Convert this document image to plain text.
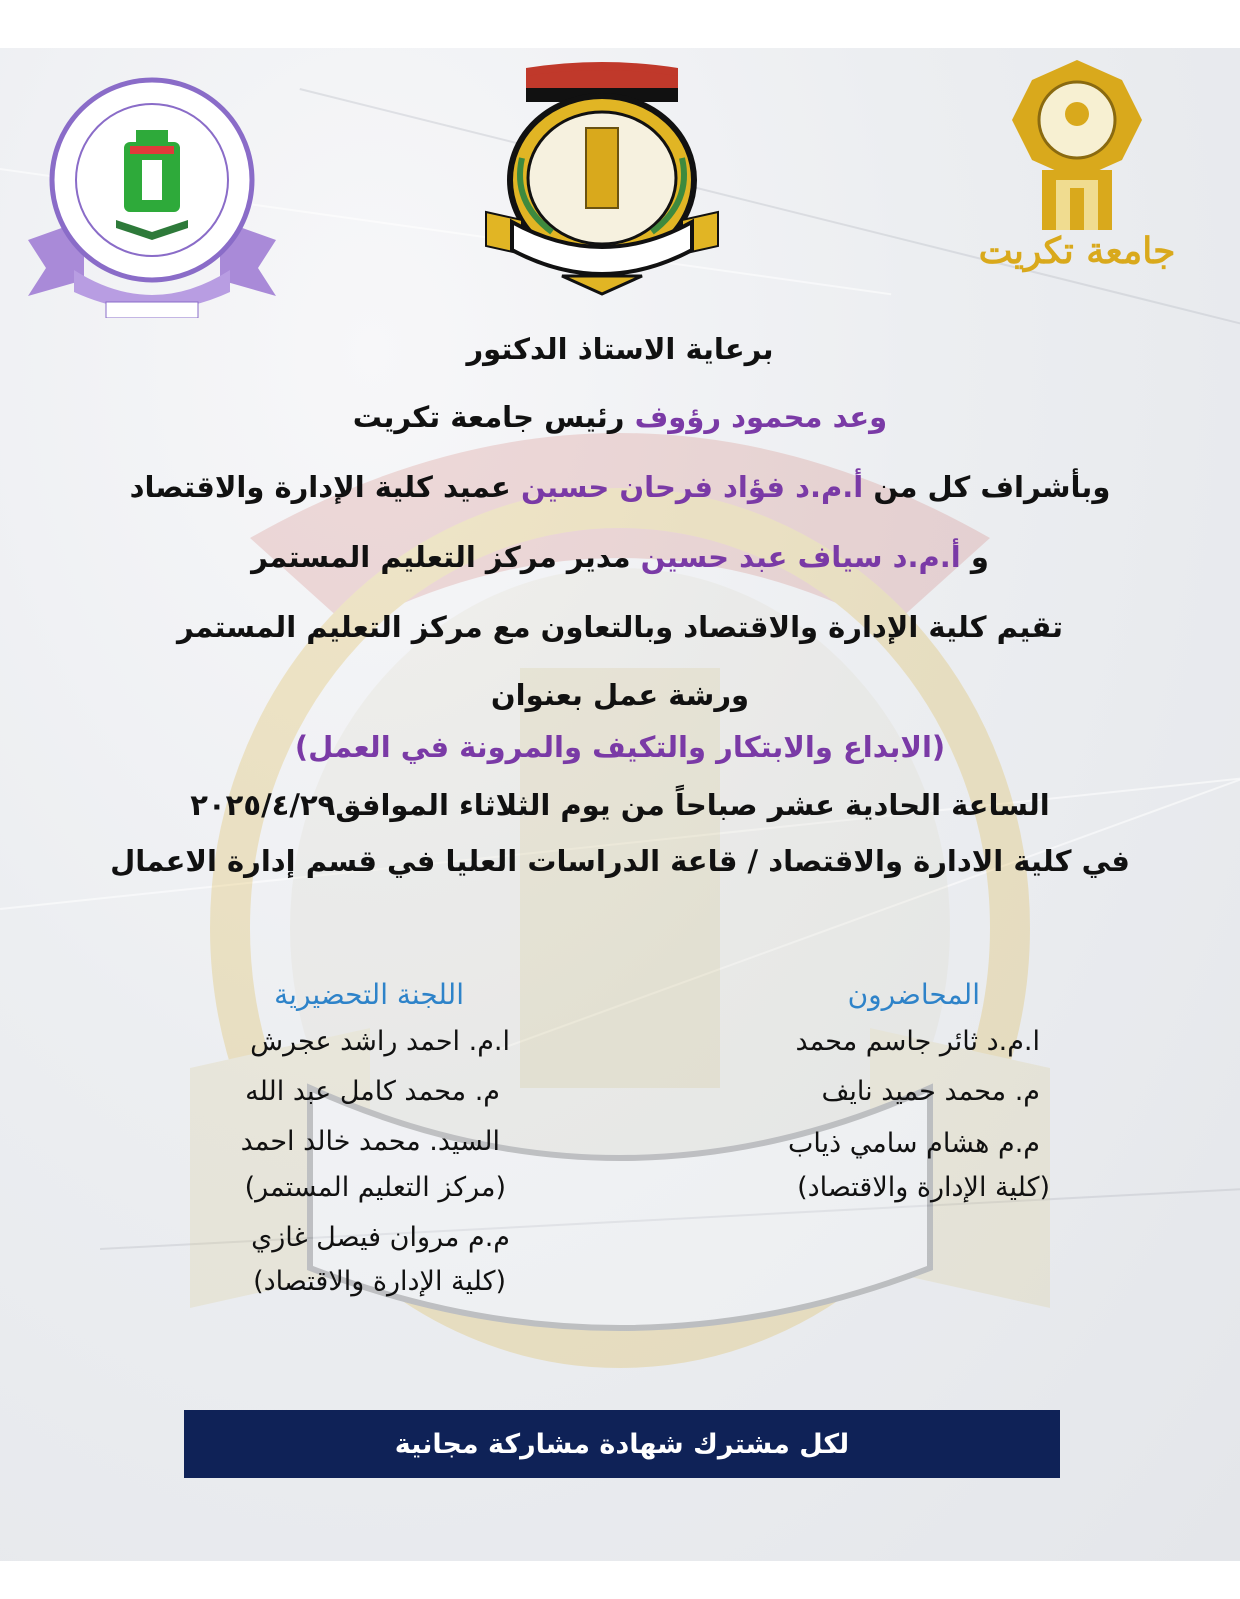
جامعة تكريت
برعاية الاستاذ الدكتور
وعد محمود رؤوف رئيس جامعة تكريت
وبأشراف كل من أ.م.د فؤاد فرحان حسين عميد كلية الإدارة والاقتصاد
و أ.م.د سياف عبد حسين مدير مركز التعليم المستمر
تقيم كلية الإدارة والاقتصاد وبالتعاون مع مركز التعليم المستمر
ورشة عمل بعنوان
(الابداع والابتكار والتكيف والمرونة في العمل)
الساعة الحادية عشر صباحاً من يوم الثلاثاء الموافق٢٠٢٥/٤/٢٩
في كلية الادارة والاقتصاد / قاعة الدراسات العليا في قسم إدارة الاعمال
المحاضرون
ا.م.د ثائر جاسم محمد
م. محمد حميد نايف
م.م هشام سامي ذياب
(كلية الإدارة والاقتصاد)
اللجنة التحضيرية
ا.م. احمد راشد عجرش
م. محمد كامل عبد الله
السيد. محمد خالد احمد
(مركز التعليم المستمر)
م.م مروان فيصل غازي
(كلية الإدارة والاقتصاد)
لكل مشترك شهادة مشاركة مجانية
